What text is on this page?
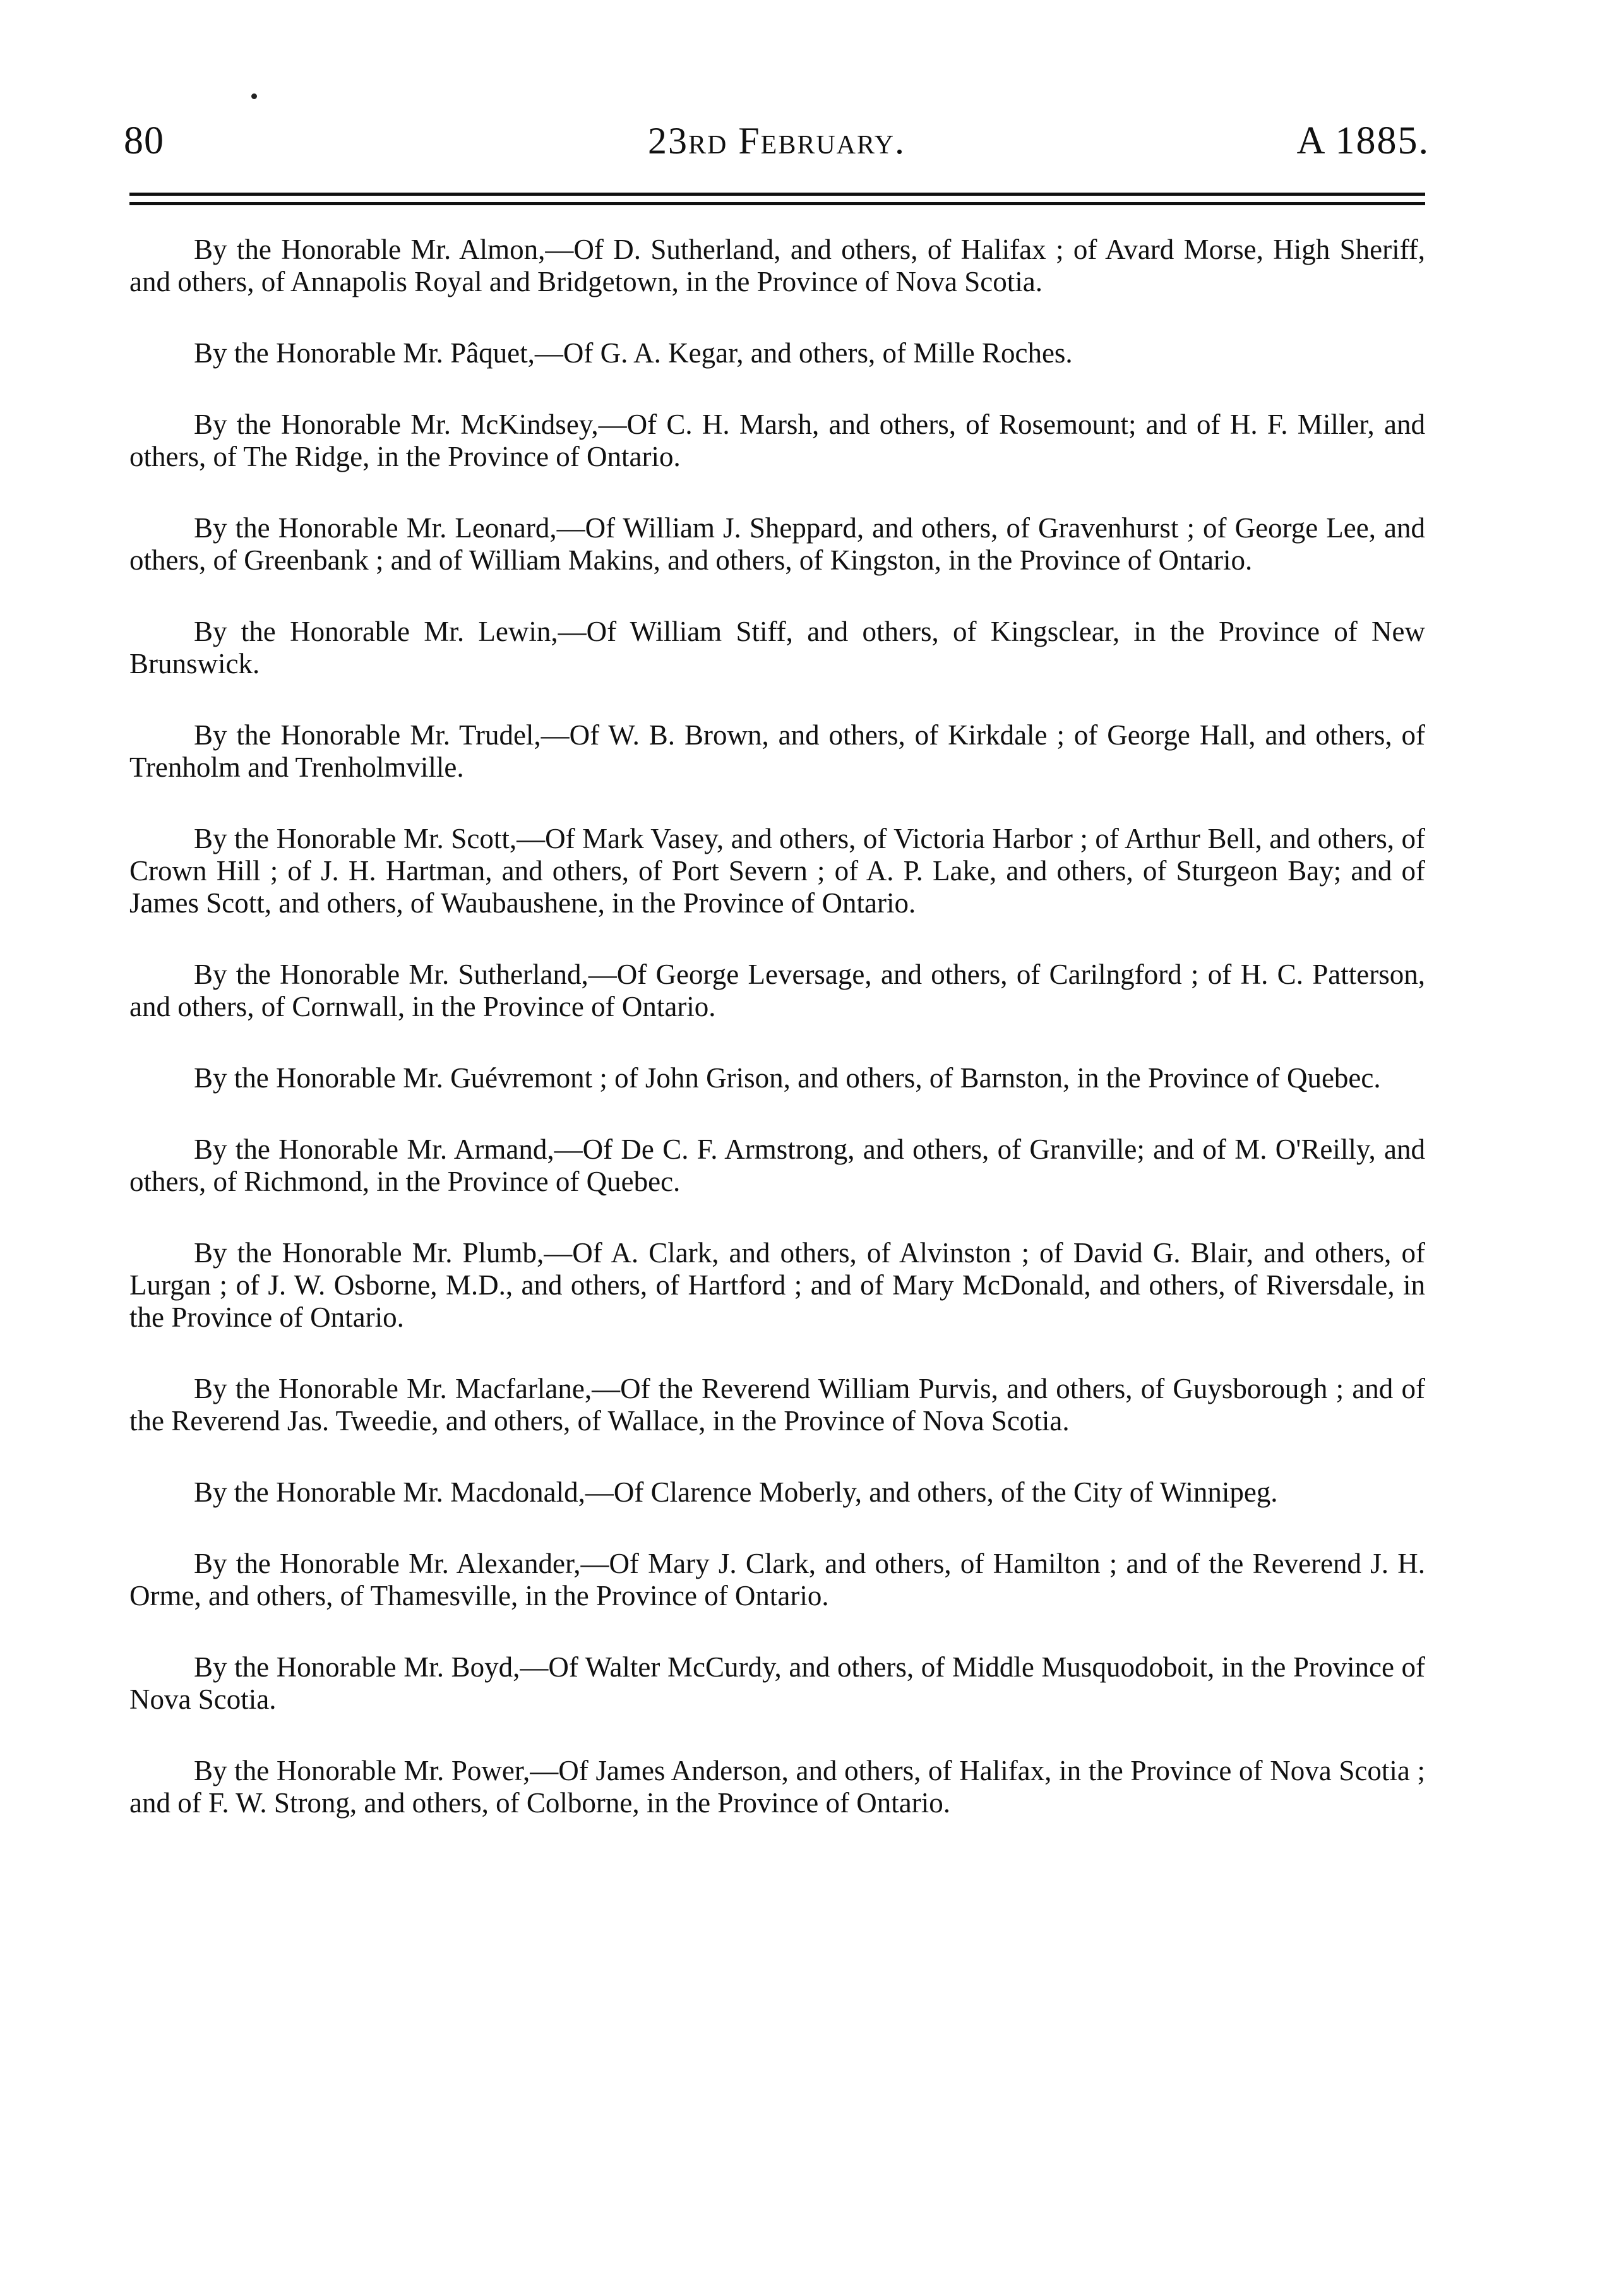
80	23rd February.	A 1885.

By the Honorable Mr. Almon,—Of D. Sutherland, and others, of Halifax ; of Avard Morse, High Sheriff, and others, of Annapolis Royal and Bridgetown, in the Province of Nova Scotia.

By the Honorable Mr. Pâquet,—Of G. A. Kegar, and others, of Mille Roches.

By the Honorable Mr. McKindsey,—Of C. H. Marsh, and others, of Rosemount; and of H. F. Miller, and others, of The Ridge, in the Province of Ontario.

By the Honorable Mr. Leonard,—Of William J. Sheppard, and others, of Gravenhurst ; of George Lee, and others, of Greenbank ; and of William Makins, and others, of Kingston, in the Province of Ontario.

By the Honorable Mr. Lewin,—Of William Stiff, and others, of Kingsclear, in the Province of New Brunswick.

By the Honorable Mr. Trudel,—Of W. B. Brown, and others, of Kirkdale ; of George Hall, and others, of Trenholm and Trenholmville.

By the Honorable Mr. Scott,—Of Mark Vasey, and others, of Victoria Harbor ; of Arthur Bell, and others, of Crown Hill ; of J. H. Hartman, and others, of Port Severn ; of A. P. Lake, and others, of Sturgeon Bay; and of James Scott, and others, of Waubaushene, in the Province of Ontario.

By the Honorable Mr. Sutherland,—Of George Leversage, and others, of Carilngford ; of H. C. Patterson, and others, of Cornwall, in the Province of Ontario.

By the Honorable Mr. Guévremont ; of John Grison, and others, of Barnston, in the Province of Quebec.

By the Honorable Mr. Armand,—Of De C. F. Armstrong, and others, of Granville; and of M. O'Reilly, and others, of Richmond, in the Province of Quebec.

By the Honorable Mr. Plumb,—Of A. Clark, and others, of Alvinston ; of David G. Blair, and others, of Lurgan ; of J. W. Osborne, M.D., and others, of Hartford ; and of Mary McDonald, and others, of Riversdale, in the Province of Ontario.

By the Honorable Mr. Macfarlane,—Of the Reverend William Purvis, and others, of Guysborough ; and of the Reverend Jas. Tweedie, and others, of Wallace, in the Province of Nova Scotia.

By the Honorable Mr. Macdonald,—Of Clarence Moberly, and others, of the City of Winnipeg.

By the Honorable Mr. Alexander,—Of Mary J. Clark, and others, of Hamilton ; and of the Reverend J. H. Orme, and others, of Thamesville, in the Province of Ontario.

By the Honorable Mr. Boyd,—Of Walter McCurdy, and others, of Middle Musquodoboit, in the Province of Nova Scotia.

By the Honorable Mr. Power,—Of James Anderson, and others, of Halifax, in the Province of Nova Scotia ; and of F. W. Strong, and others, of Colborne, in the Province of Ontario.
